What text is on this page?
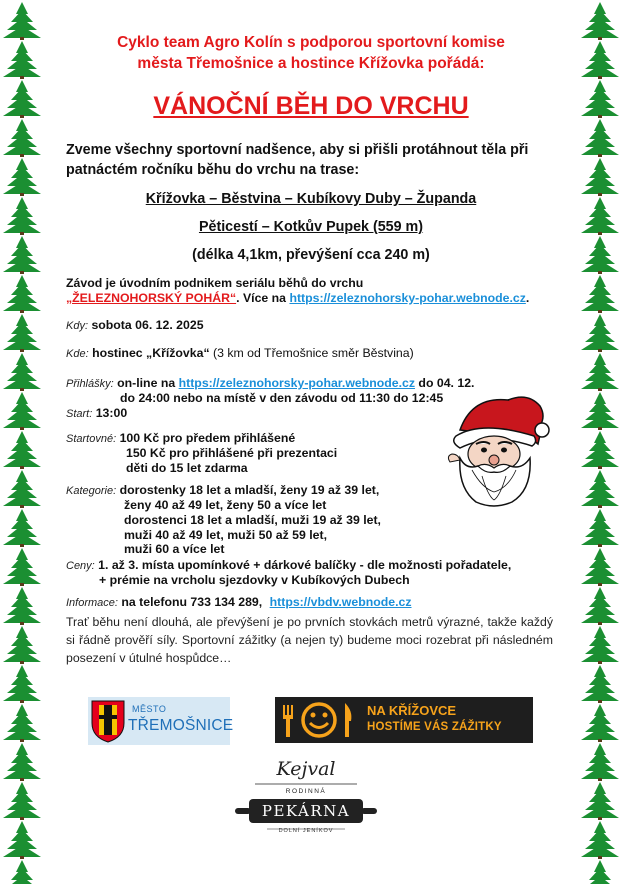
Cyklo team Agro Kolín s podporou sportovní komise
města Třemošnice a hostince Křížovka pořádá:
VÁNOČNÍ BĚH DO VRCHU
Zveme všechny sportovní nadšence, aby si přišli protáhnout těla při patnáctém ročníku běhu do vrchu na trase:
Křížovka – Běstvina – Kubíkovy Duby – Županda
Pěticestí – Kotkův Pupek (559 m)
(délka 4,1km, převýšení cca 240 m)
Závod je úvodním podnikem seriálu běhů do vrchu
„ŽELEZNOHORSKÝ POHÁR“. Více na https://zeleznohorsky-pohar.webnode.cz.
Kdy: sobota 06. 12. 2025
Kde: hostinec „Křížovka“ (3 km od Třemošnice směr Běstvina)
Přihlášky: on-line na https://zeleznohorsky-pohar.webnode.cz do 04. 12.
do 24:00 nebo na místě v den závodu od 11:30 do 12:45
Start: 13:00
Startovné: 100 Kč pro předem přihlášené
150 Kč pro přihlášené při prezentaci
děti do 15 let zdarma
Kategorie: dorostenky 18 let a mladší, ženy 19 až 39 let,
ženy 40 až 49 let, ženy 50 a více let
dorostenci 18 let a mladší, muži 19 až 39 let,
muži 40 až 49 let, muži 50 až 59 let,
muži 60 a více let
Ceny: 1. až 3. místa upomínkové + dárkové balíčky - dle možnosti pořadatele,
+ prémie na vrcholu sjezdovky v Kubíkových Dubech
Informace: na telefonu 733 134 289, https://vbdv.webnode.cz
Trať běhu není dlouhá, ale převýšení je po prvních stovkách metrů výrazné, takže každý si řádně prověří síly. Sportovní zážitky (a nejen ty) budeme moci rozebrat při následném posezení v útulné hospůdce…
MĚSTO
TŘEMOŠNICE
NA KŘÍŽOVCE
HOSTÍME VÁS ZÁŽITKY
Kejval
RODINNÁ
PEKÁRNA
DOLNÍ JENÍKOV
